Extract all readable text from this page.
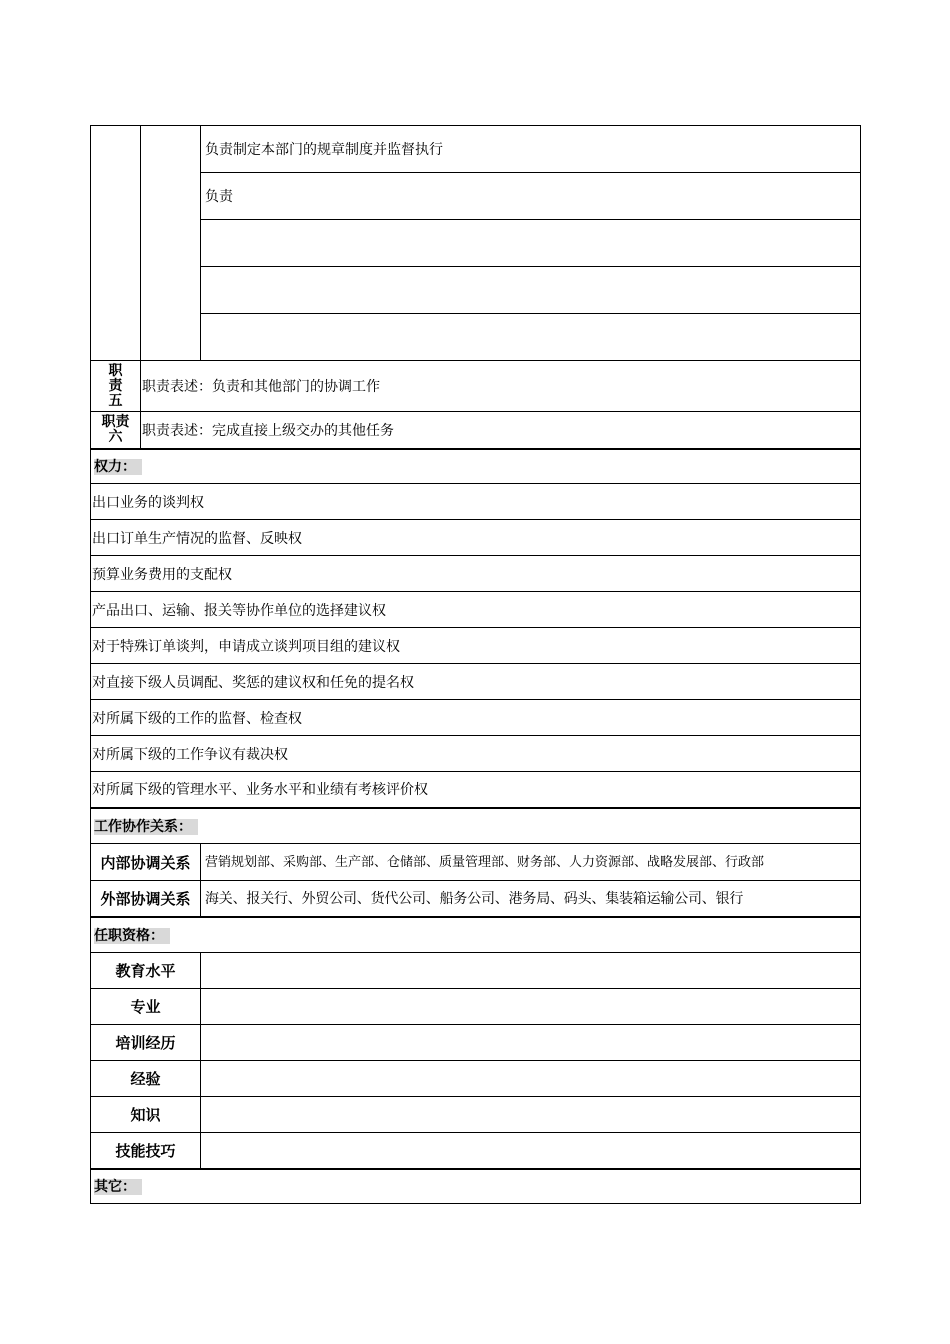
		负责制定本部门的规章制度并监督执行
		负责

职
责
五	职责表述：负责和其他部门的协调工作	
职责
六	职责表述：完成直接上级交办的其他任务	
权力：		
出口业务的谈判权		
出口订单生产情况的监督、反映权		
预算业务费用的支配权		
产品出口、运输、报关等协作单位的选择建议权		
对于特殊订单谈判，申请成立谈判项目组的建议权		
对直接下级人员调配、奖惩的建议权和任免的提名权		
对所属下级的工作的监督、检查权		
对所属下级的工作争议有裁决权		
对所属下级的管理水平、业务水平和业绩有考核评价权		
工作协作关系：		
内部协调关系		营销规划部、采购部、生产部、仓储部、质量管理部、财务部、人力资源部、战略发展部、行政部
外部协调关系		海关、报关行、外贸公司、货代公司、船务公司、港务局、码头、集装箱运输公司、银行
任职资格：		
教育水平		
专业		
培训经历		
经验		
知识		
技能技巧		
其它：		
